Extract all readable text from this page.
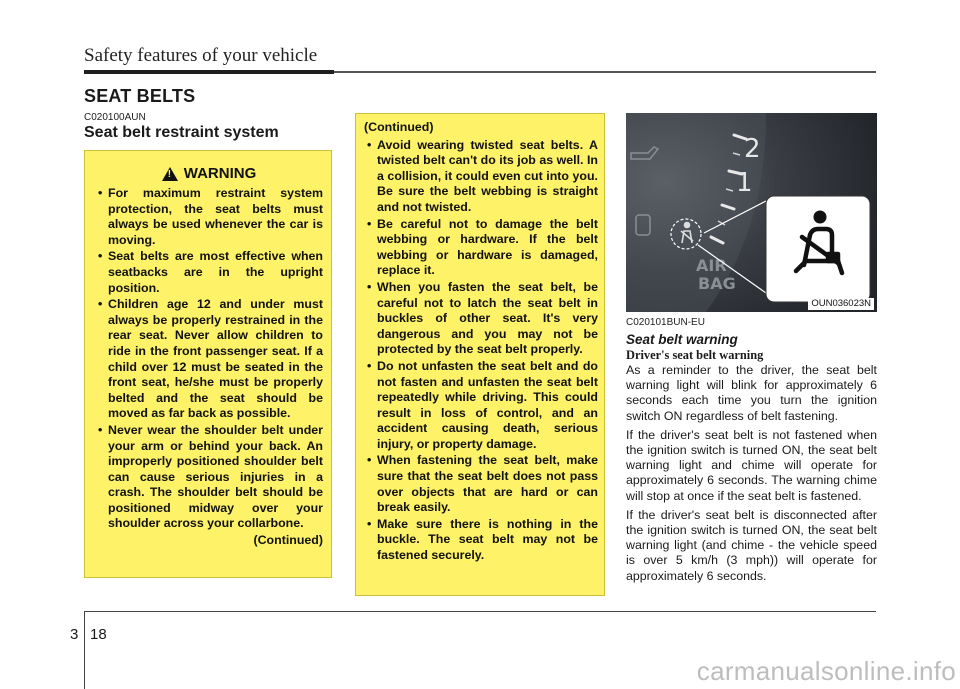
Safety features of your vehicle
SEAT BELTS
C020100AUN
Seat belt restraint system
!
WARNING
• For maximum restraint system protection, the seat belts must always be used whenever the car is moving.
• Seat belts are most effective when seatbacks are in the upright position.
• Children age 12 and under must always be properly restrained in the rear seat. Never allow children to ride in the front passenger seat. If a child over 12 must be seated in the front seat, he/she must be properly belted and the seat should be moved as far back as possible.
• Never wear the shoulder belt under your arm or behind your back. An improperly positioned shoulder belt can cause serious injuries in a crash. The shoulder belt should be positioned midway over your shoulder across your collarbone.
(Continued)
(Continued)
• Avoid wearing twisted seat belts. A twisted belt can't do its job as well. In a collision, it could even cut into you. Be sure the belt webbing is straight and not twisted.
• Be careful not to damage the belt webbing or hardware. If the belt webbing or hardware is damaged, replace it.
• When you fasten the seat belt, be careful not to latch the seat belt in buckles of other seat. It's very dangerous and you may not be protected by the seat belt properly.
• Do not unfasten the seat belt and do not fasten and unfasten the seat belt repeatedly while driving. This could result in loss of control, and an accident causing death, serious injury, or property damage.
• When fastening the seat belt, make sure that the seat belt does not pass over objects that are hard or can break easily.
• Make sure there is nothing in the buckle. The seat belt may not be fastened securely.
2
1
AIR
BAG
OUN036023N
C020101BUN-EU
Seat belt warning
Driver's seat belt warning

As a reminder to the driver, the seat belt warning light will blink for approximately 6 seconds each time you turn the ignition switch ON regardless of belt fastening.

If the driver's seat belt is not fastened when the ignition switch is turned ON, the seat belt warning light and chime will operate for approximately 6 seconds. The warning chime will stop at once if the seat belt is fastened.

If the driver's seat belt is disconnected after the ignition switch is turned ON, the seat belt warning light (and chime - the vehicle speed is over 5 km/h (3 mph)) will operate for approximately 6 seconds.

3 18
carmanualsonline.info
